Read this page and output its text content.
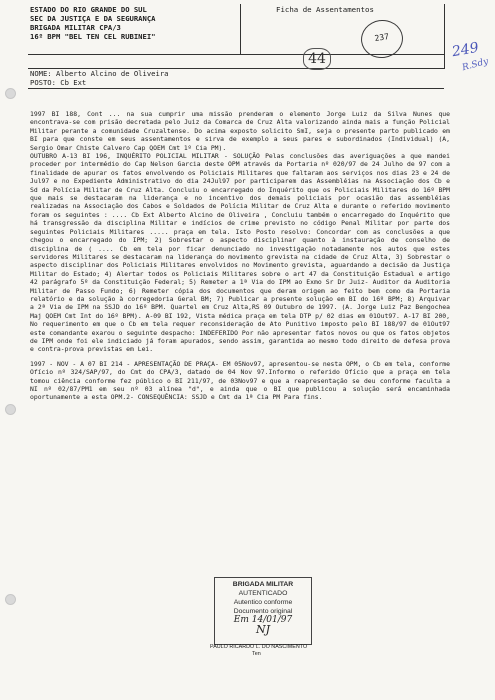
ESTADO DO RIO GRANDE DO SUL
SEC DA JUSTIÇA E DA SEGURANÇA
BRIGADA MILITAR CPA/3
16º BPM "BEL TEN CEL RUBINEI"
Ficha de Assentamentos
237
44	249
R.Sdy
NOME: Alberto Alcino de Oliveira
POSTO: Cb Ext

1997 BI 188, Cont ... na sua cumprir uma missão prenderam o elemento Jorge Luiz da Silva Nunes que encontrava-se com prisão decretada pelo Juiz da Comarca de Cruz Alta valorizando ainda mais a função Policial Militar perante a comunidade Cruzaltense. Do acima exposto solicito SmI, seja o presente parto publicado em BI para que conste em seus assentamentos e sirva de exemplo a seus pares e subordinados (Individual) (A, Sergio Omar Chiste Calvero Cap QOEM Cmt 1º Cia PM).

OUTUBRO A-13 BI 196, INQUÉRITO POLICIAL MILITAR - SOLUÇÃO Pelas conclusões das averiguações a que mandei proceder por intermédio do Cap Nelson Garcia deste OPM através da Portaria nº 020/97 de 24 Julho de 97 com a finalidade de apurar os fatos envolvendo os Policiais Militares que faltaram aos serviços nos dias 23 e 24 de Jul97 e no Expediente Administrativo do dia 24Jul97 por participarem das Assembléias na Associação dos Cb e Sd da Polícia Militar de Cruz Alta. Concluiu o encarregado do Inquérito que os Policiais Militares do 16º BPM que mais se destacaram na liderança e no incentivo dos demais policiais por ocasião das assembléias realizadas na Associação dos Cabos e Soldados de Polícia Militar de Cruz Alta e durante o referido movimento foram os seguintes : .... Cb Ext Alberto Alcino de Oliveira , Concluiu também o encarregado do Inquérito que há transgressão da disciplina Militar e indícios de crime previsto no código Penal Militar por parte dos seguintes Policiais Militares ..... praça em tela. Isto Posto resolvo: Concordar com as conclusões a que chegou o encarregado do IPM; 2) Sobrestar o aspecto disciplinar quanto à instauração de conselho de disciplina de ( .... Cb em tela por ficar denunciado no investigação notadamente nos autos que estes servidores Militares se destacaram na liderança do movimento grevista na cidade de Cruz Alta, 3) Sobrestar o aspecto disciplinar dos Policiais Militares envolvidos no Movimento grevista, aguardando a decisão da Justiça Militar do Estado; 4) Alertar todos os Policiais Militares sobre o art 47 da Constituição Estadual e artigo 42 parágrafo 5º da Constituição Federal; 5) Remeter a 1ª Via do IPM ao Exmo Sr Dr Juiz- Auditor da Auditoria Militar de Passo Fundo; 6) Remeter cópia dos documentos que deram origem ao feito bem como da Portaria relatório e da solução à corregedoria Geral BM; 7) Publicar a presente solução em BI do 16º BPM; 8) Arquivar a 2ª Via de IPM na SSJD do 16º BPM. Quartel em Cruz Alta,RS 09 Outubro de 1997. (A. Jorge Luiz Paz Bengochea Maj QOEM Cmt Int do 16º BPM). A-09 BI 192, Vista médica praça em tela DTP p/ 02 dias em 01Out97. A-17 BI 200, No requerimento em que o Cb em tela requer reconsideração de Ato Punitivo imposto pelo BI 188/97 de 01Out97 este comandante exarou o seguinte despacho: INDEFERIDO Por não apresentar fatos novos ou que os fatos objetos de IPM onde foi ele indiciado já foram apurados, sendo assim, garantida ao mesmo todo direito de defesa prova e contra-prova previstas em Lei.

1997 - NOV - A 07 BI 214 - APRESENTAÇÃO DE PRAÇA- EM 05Nov97, apresentou-se nesta OPM, o Cb em tela, conforme Ofício nº 324/SAP/97, do Cmt do CPA/3, datado de 04 Nov 97.Informo o referido Ofício que a praça em tela tomou ciência conforme fez público o BI 211/97, de 03Nov97 e que a reapresentação se deu conforme faculta a NI nº 02/87/PM1 em seu nº 03 alínea "d", e ainda que o BI que publicou a solução será encaminhada oportunamente a esta OPM.2- CONSEQUÊNCIA: SSJD e Cmt da 1ª Cia PM Para fins.

BRIGADA MILITAR
AUTENTICADO
Autentico conforme
Documento original
Em 14/01/97
NJ
PAULO RICARDO L. DO NASCIMENTO
Ten
